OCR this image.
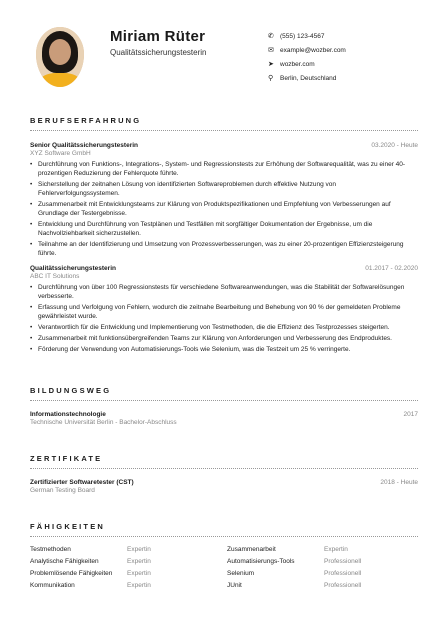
Miriam Rüter
Qualitätssicherungstesterin
✆ (555) 123-4567
✉ example@wozber.com
➤ wozber.com
⚲	Berlin, Deutschland
BERUFSERFAHRUNG
Senior Qualitätssicherungstesterin	03.2020 - Heute
XYZ Software GmbH
• Durchführung von Funktions-, Integrations-, System- und Regressionstests zur Erhöhung der Softwarequalität, was zu einer 40-prozentigen Reduzierung der Fehlerquote führte.
• Sicherstellung der zeitnahen Lösung von identifizierten Softwareproblemen durch effektive Nutzung von Fehlerverfolgungssystemen.
• Zusammenarbeit mit Entwicklungsteams zur Klärung von Produktspezifikationen und Empfehlung von Verbesserungen auf Grundlage der Testergebnisse.
• Entwicklung und Durchführung von Testplänen und Testfällen mit sorgfältiger Dokumentation der Ergebnisse, um die Nachvollziehbarkeit sicherzustellen.
• Teilnahme an der Identifizierung und Umsetzung von Prozessverbesserungen, was zu einer 20-prozentigen Effizienzsteigerung führte.
Qualitätssicherungstesterin	01.2017 - 02.2020
ABC IT Solutions
• Durchführung von über 100 Regressionstests für verschiedene Softwareanwendungen, was die Stabilität der Softwarelösungen verbesserte.
• Erfassung und Verfolgung von Fehlern, wodurch die zeitnahe Bearbeitung und Behebung von 90 % der gemeldeten Probleme gewährleistet wurde.
• Verantwortlich für die Entwicklung und Implementierung von Testmethoden, die die Effizienz des Testprozesses steigerten.
• Zusammenarbeit mit funktionsübergreifenden Teams zur Klärung von Anforderungen und Verbesserung des Endproduktes.
• Förderung der Verwendung von Automatisierungs-Tools wie Selenium, was die Testzeit um 25 % verringerte.
BILDUNGSWEG
Informationstechnologie	2017
Technische Universität Berlin - Bachelor-Abschluss
ZERTIFIKATE
Zertifizierter Softwaretester (CST)	2018 - Heute
German Testing Board
FÄHIGKEITEN
Testmethoden	Expertin	Zusammenarbeit	Expertin
Analytische Fähigkeiten	Expertin	Automatisierungs-Tools	Professionell
Problemlösende Fähigkeiten	Expertin	Selenium	Professionell
Kommunikation	Expertin	JUnit	Professionell
